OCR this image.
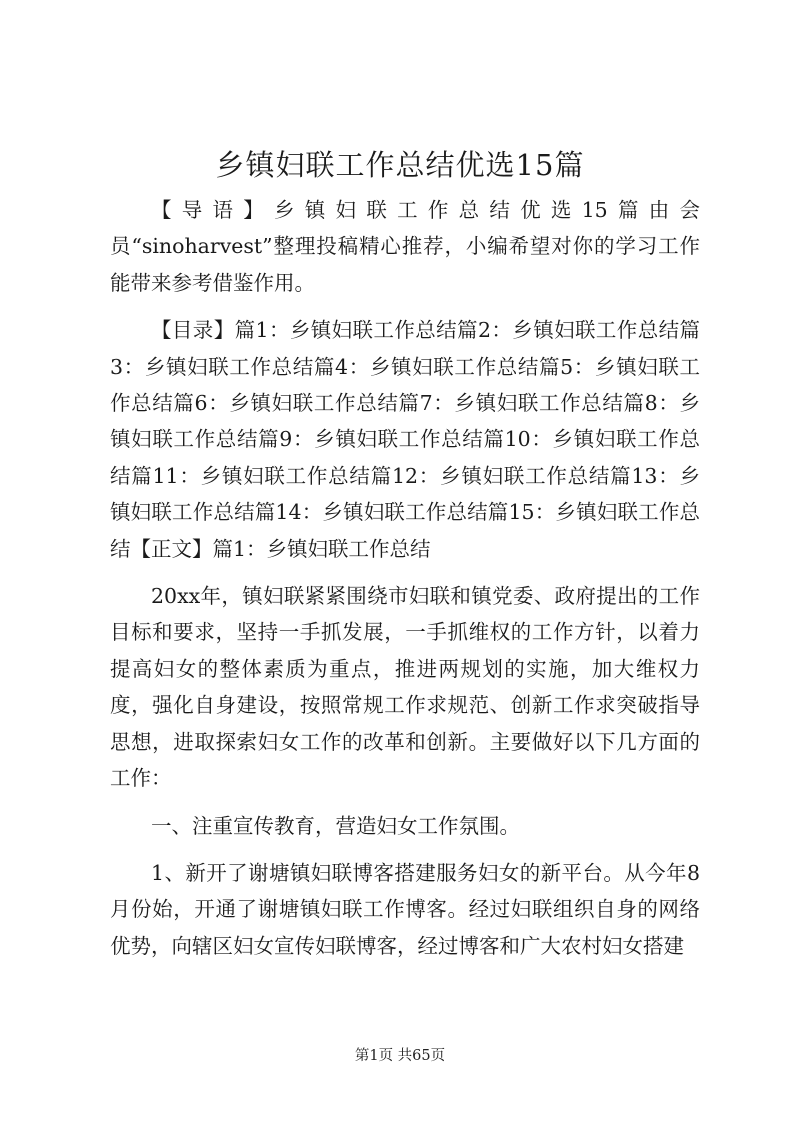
乡镇妇联工作总结优选15篇

【导语】乡镇妇联工作总结优选15篇由会员“sinoharvest”整理投稿精心推荐，小编希望对你的学习工作能带来参考借鉴作用。

【目录】篇1：乡镇妇联工作总结篇2：乡镇妇联工作总结篇3：乡镇妇联工作总结篇4：乡镇妇联工作总结篇5：乡镇妇联工作总结篇6：乡镇妇联工作总结篇7：乡镇妇联工作总结篇8：乡镇妇联工作总结篇9：乡镇妇联工作总结篇10：乡镇妇联工作总结篇11：乡镇妇联工作总结篇12：乡镇妇联工作总结篇13：乡镇妇联工作总结篇14：乡镇妇联工作总结篇15：乡镇妇联工作总结【正文】篇1：乡镇妇联工作总结

20xx年，镇妇联紧紧围绕市妇联和镇党委、政府提出的工作目标和要求，坚持一手抓发展，一手抓维权的工作方针，以着力提高妇女的整体素质为重点，推进两规划的实施，加大维权力度，强化自身建设，按照常规工作求规范、创新工作求突破指导思想，进取探索妇女工作的改革和创新。主要做好以下几方面的工作：

一、注重宣传教育，营造妇女工作氛围。

1、新开了谢塘镇妇联博客搭建服务妇女的新平台。从今年8月份始，开通了谢塘镇妇联工作博客。经过妇联组织自身的网络优势，向辖区妇女宣传妇联博客，经过博客和广大农村妇女搭建

第1页 共65页
